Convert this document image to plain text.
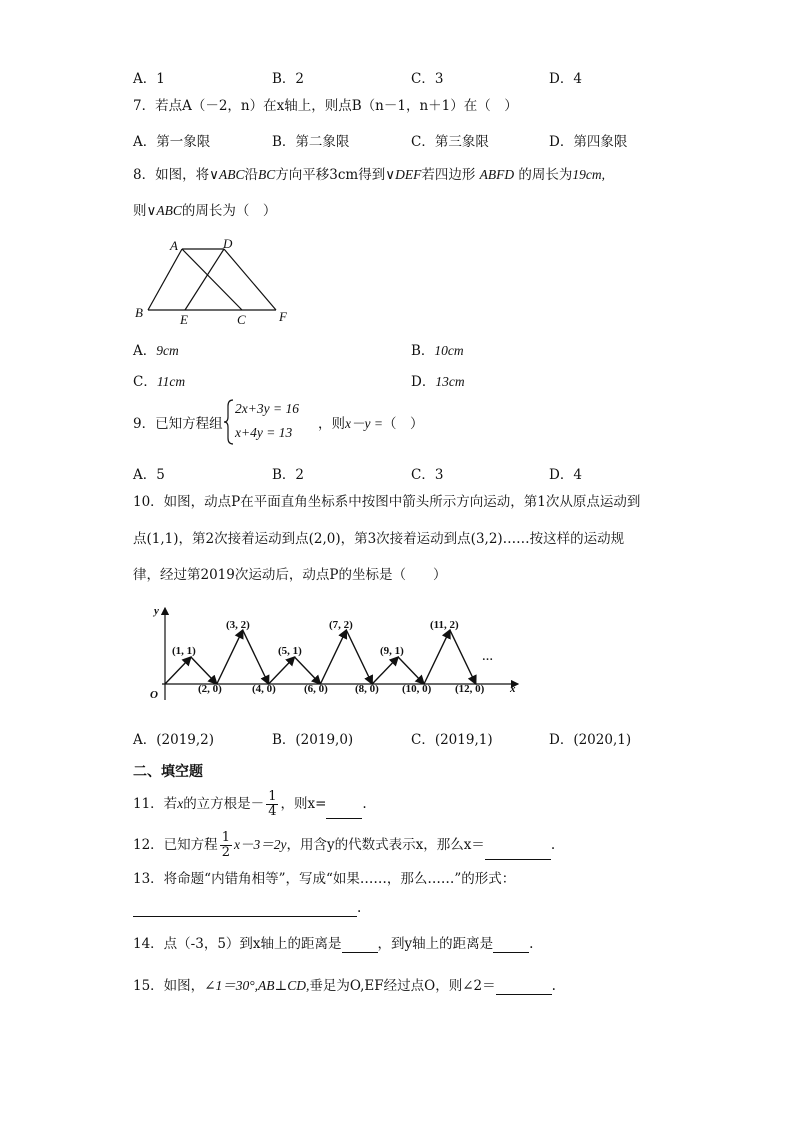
A．1	B．2	C．3	D．4
7．若点A（－2，n）在x轴上，则点B（n－1，n＋1）在（　）
A．第一象限	B．第二象限	C．第三象限	D．第四象限
8．如图，将∨ABC沿BC方向平移3cm得到∨DEF若四边形 ABFD 的周长为19cm,
则∨ABC的周长为（　）
A	D
B	E	C	F
A．9cm	B．10cm
C．11cm	D．13cm
9．已知方程组
2x+3y = 16
x+4y = 13
，则x－y =（　）
A．5	B．2	C．3	D．4
10．如图，动点P在平面直角坐标系中按图中箭头所示方向运动，第1次从原点运动到
点(1,1)，第2次接着运动到点(2,0)，第3次接着运动到点(3,2)……按这样的运动规
律，经过第2019次运动后，动点P的坐标是（　　）
y
x
O
…
(1, 1)
(2, 0)
(3, 2)
(4, 0)
(5, 1)
(6, 0)
(7, 2)
(8, 0)
(9, 1)
(10, 0)
(11, 2)
(12, 0)
A．(2019,2)	B．(2019,0)	C．(2019,1)	D．(2020,1)
二、填空题
11．若x的立方根是－ $\frac{1}{4}$ ，则x=	.
12．已知方程 $\frac{1}{2} x-3=2y$，用含y的代数式表示x，那么x＝	.
13．将命题“内错角相等”，写成“如果……，那么……”的形式：
.
14．点（-3，5）到x轴上的距离是	，到y轴上的距离是	.
15．如图，∠1＝30°,AB⊥CD,垂足为O,EF经过点O，则∠2＝	.
